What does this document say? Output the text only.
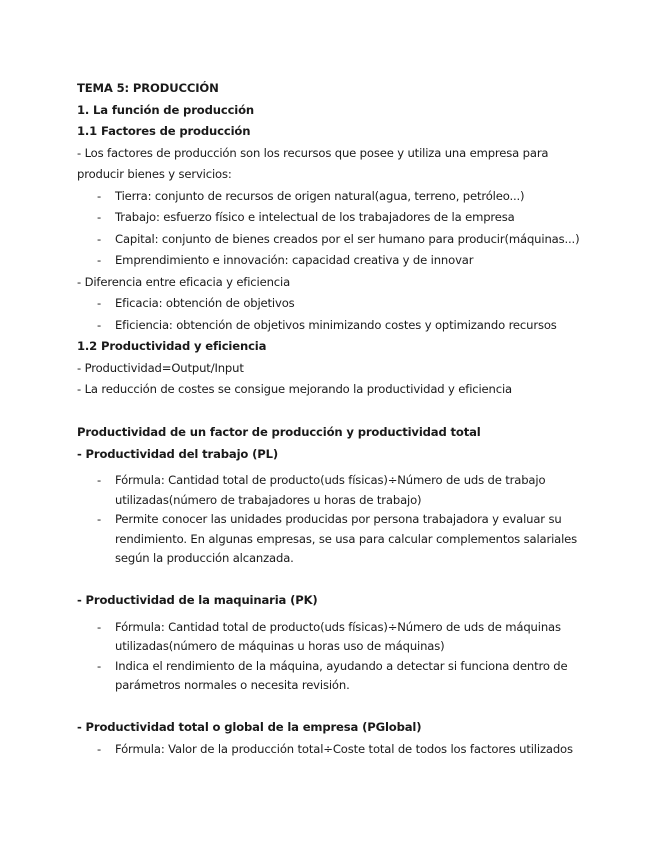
TEMA 5: PRODUCCIÓN
1. La función de producción
1.1 Factores de producción
- Los factores de producción son los recursos que posee y utiliza una empresa para
producir bienes y servicios:
- Tierra: conjunto de recursos de origen natural(agua, terreno, petróleo...)
- Trabajo: esfuerzo físico e intelectual de los trabajadores de la empresa
- Capital: conjunto de bienes creados por el ser humano para producir(máquinas...)
- Emprendimiento e innovación: capacidad creativa y de innovar
- Diferencia entre eficacia y eficiencia
- Eficacia: obtención de objetivos
- Eficiencia: obtención de objetivos minimizando costes y optimizando recursos
1.2 Productividad y eficiencia
- Productividad=Output/Input
- La reducción de costes se consigue mejorando la productividad y eficiencia
Productividad de un factor de producción y productividad total
- Productividad del trabajo (PL)
- Fórmula: Cantidad total de producto(uds físicas)÷Número de uds de trabajo
utilizadas(número de trabajadores u horas de trabajo)
- Permite conocer las unidades producidas por persona trabajadora y evaluar su
rendimiento. En algunas empresas, se usa para calcular complementos salariales
según la producción alcanzada.
- Productividad de la maquinaria (PK)
- Fórmula: Cantidad total de producto(uds físicas)÷Número de uds de máquinas
utilizadas(número de máquinas u horas uso de máquinas)
- Indica el rendimiento de la máquina, ayudando a detectar si funciona dentro de
parámetros normales o necesita revisión.
- Productividad total o global de la empresa (PGlobal)
- Fórmula: Valor de la producción total÷Coste total de todos los factores utilizados
